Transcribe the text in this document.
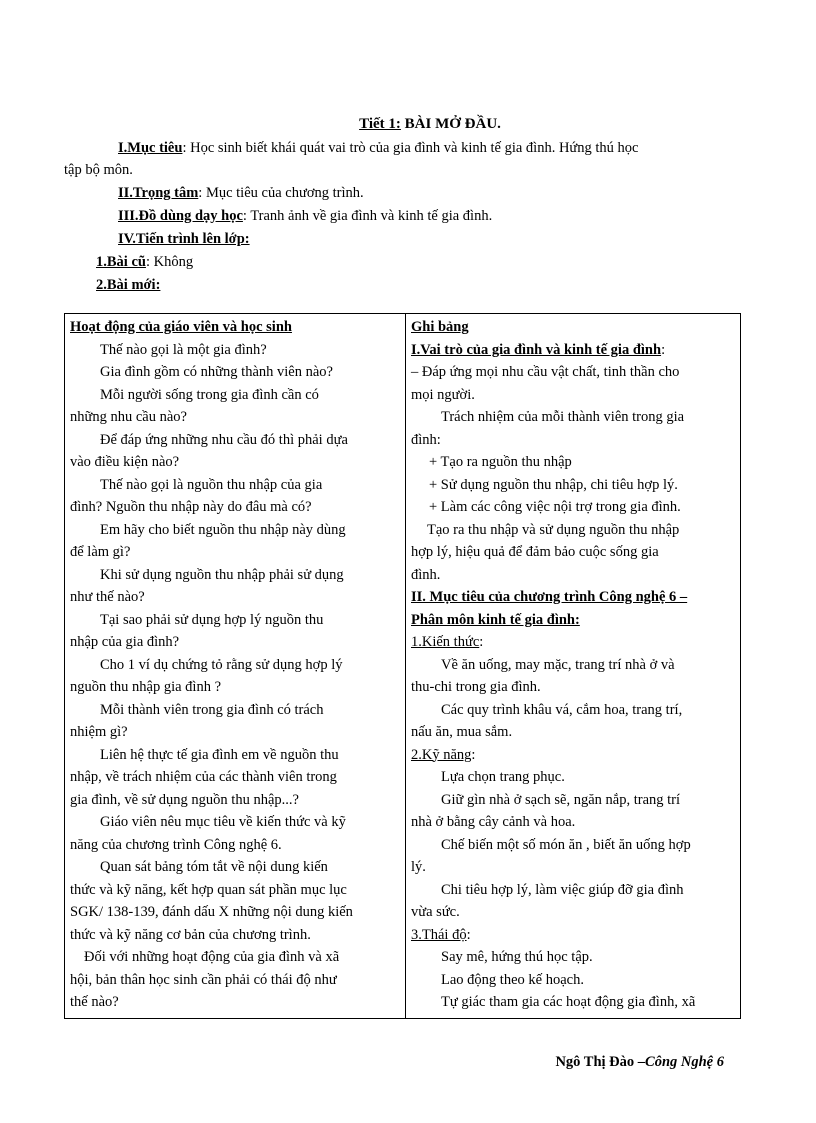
Tiết 1: BÀI MỞ ĐẦU.
I.Mục tiêu: Học sinh biết khái quát vai trò của gia đình và kinh tế gia đình. Hứng thú học
tập bộ môn.
II.Trọng tâm: Mục tiêu của chương trình.
III.Đồ dùng dạy học: Tranh ảnh về gia đình và kinh tế gia đình.
IV.Tiến trình lên lớp:
1.Bài cũ: Không
2.Bài mới:
Hoạt động của giáo viên và học sinh
Thế nào gọi là một gia đình?
Gia đình gồm có những thành viên nào?
Mỗi người sống trong gia đình cần có
những nhu cầu nào?
Để đáp ứng những nhu cầu đó thì phải dựa
vào điều kiện nào?
Thế nào gọi là nguồn thu nhập của gia
đình? Nguồn thu nhập này do đâu mà có?
Em hãy cho biết nguồn thu nhập này dùng
để làm gì?
Khi sử dụng nguồn thu nhập phải sử dụng
như thế nào?
Tại sao phải sử dụng hợp lý nguồn thu
nhập của gia đình?
Cho 1 ví dụ chứng tỏ rằng sử dụng hợp lý
nguồn thu nhập gia đình ?
Mỗi thành viên trong gia đình có trách
nhiệm gì?
Liên hệ thực tế gia đình em về nguồn thu
nhập, về trách nhiệm của các thành viên trong
gia đình, về sử dụng nguồn thu nhập...?
Giáo viên nêu mục tiêu về kiến thức và kỹ
năng của chương trình Công nghệ 6.
Quan sát bảng tóm tắt về nội dung kiến
thức và kỹ năng, kết hợp quan sát phần mục lục
SGK/ 138-139, đánh dấu X những nội dung kiến
thức và kỹ năng cơ bản của chương trình.
Đối với những hoạt động của gia đình và xã
hội, bản thân học sinh cần phải có thái độ như
thế nào?

Ghi bảng
I.Vai trò của gia đình và kinh tế gia đình:
– Đáp ứng mọi nhu cầu vật chất, tinh thần cho
mọi người.
Trách nhiệm của mỗi thành viên trong gia
đình:
+ Tạo ra nguồn thu nhập
+ Sử dụng nguồn thu nhập, chi tiêu hợp lý.
+ Làm các công việc nội trợ trong gia đình.
Tạo ra thu nhập và sử dụng nguồn thu nhập
hợp lý, hiệu quả để đảm bảo cuộc sống gia
đình.
II. Mục tiêu của chương trình Công nghệ 6 –
Phân môn kinh tế gia đình:
1.Kiến thức:
Về ăn uống, may mặc, trang trí nhà ở và
thu-chi trong gia đình.
Các quy trình khâu vá, cắm hoa, trang trí,
nấu ăn, mua sắm.
2.Kỹ năng:
Lựa chọn trang phục.
Giữ gìn nhà ở sạch sẽ, ngăn nắp, trang trí
nhà ở bằng cây cảnh và hoa.
Chế biến một số món ăn , biết ăn uống hợp
lý.
Chi tiêu hợp lý, làm việc giúp đỡ gia đình
vừa sức.
3.Thái độ:
Say mê, hứng thú học tập.
Lao động theo kế hoạch.
Tự giác tham gia các hoạt động gia đình, xã
Ngô Thị Đào –Công Nghệ 6
